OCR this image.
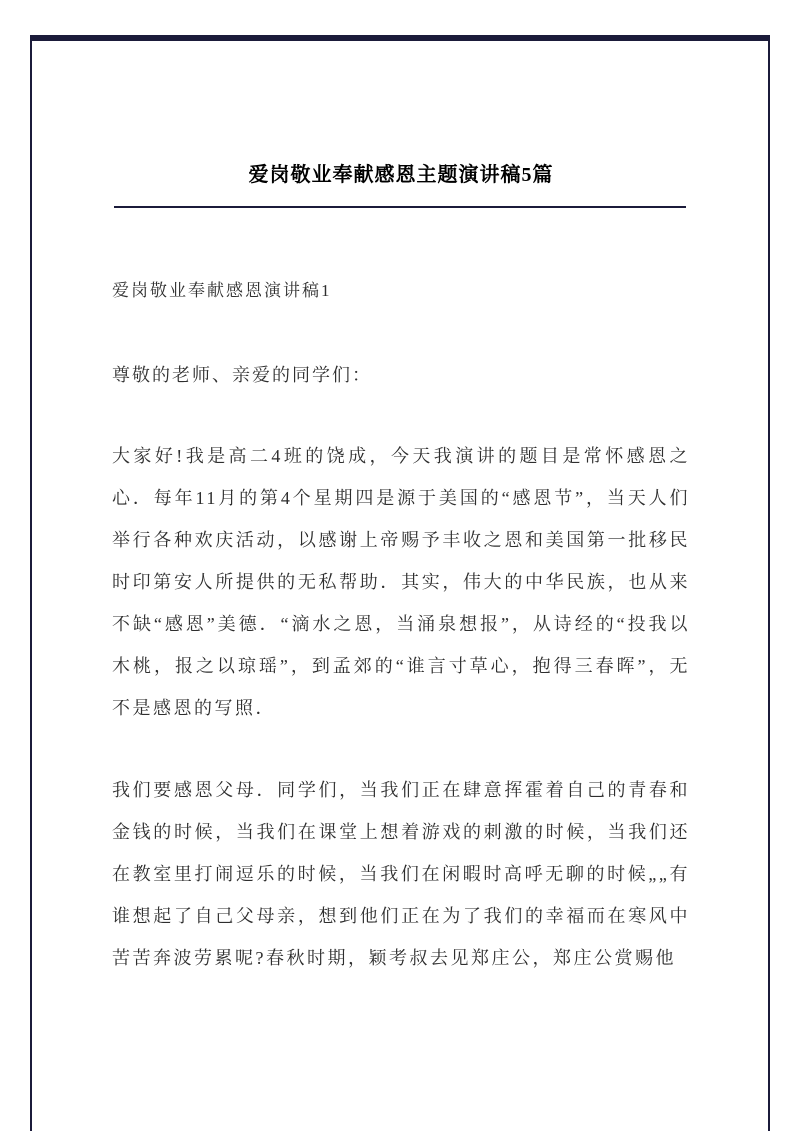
爱岗敬业奉献感恩主题演讲稿5篇

爱岗敬业奉献感恩演讲稿1

尊敬的老师、亲爱的同学们：

大家好!我是高二4班的饶成，今天我演讲的题目是常怀感恩之心．每年11月的第4个星期四是源于美国的“感恩节”，当天人们举行各种欢庆活动，以感谢上帝赐予丰收之恩和美国第一批移民时印第安人所提供的无私帮助．其实，伟大的中华民族，也从来不缺“感恩”美德．“滴水之恩，当涌泉想报”，从诗经的“投我以木桃，报之以琼瑶”，到孟郊的“谁言寸草心，抱得三春晖”，无不是感恩的写照．

我们要感恩父母．同学们，当我们正在肆意挥霍着自己的青春和金钱的时候，当我们在课堂上想着游戏的刺激的时候，当我们还在教室里打闹逗乐的时候，当我们在闲暇时高呼无聊的时候„„有谁想起了自己父母亲，想到他们正在为了我们的幸福而在寒风中苦苦奔波劳累呢?春秋时期，颖考叔去见郑庄公，郑庄公赏赐他
